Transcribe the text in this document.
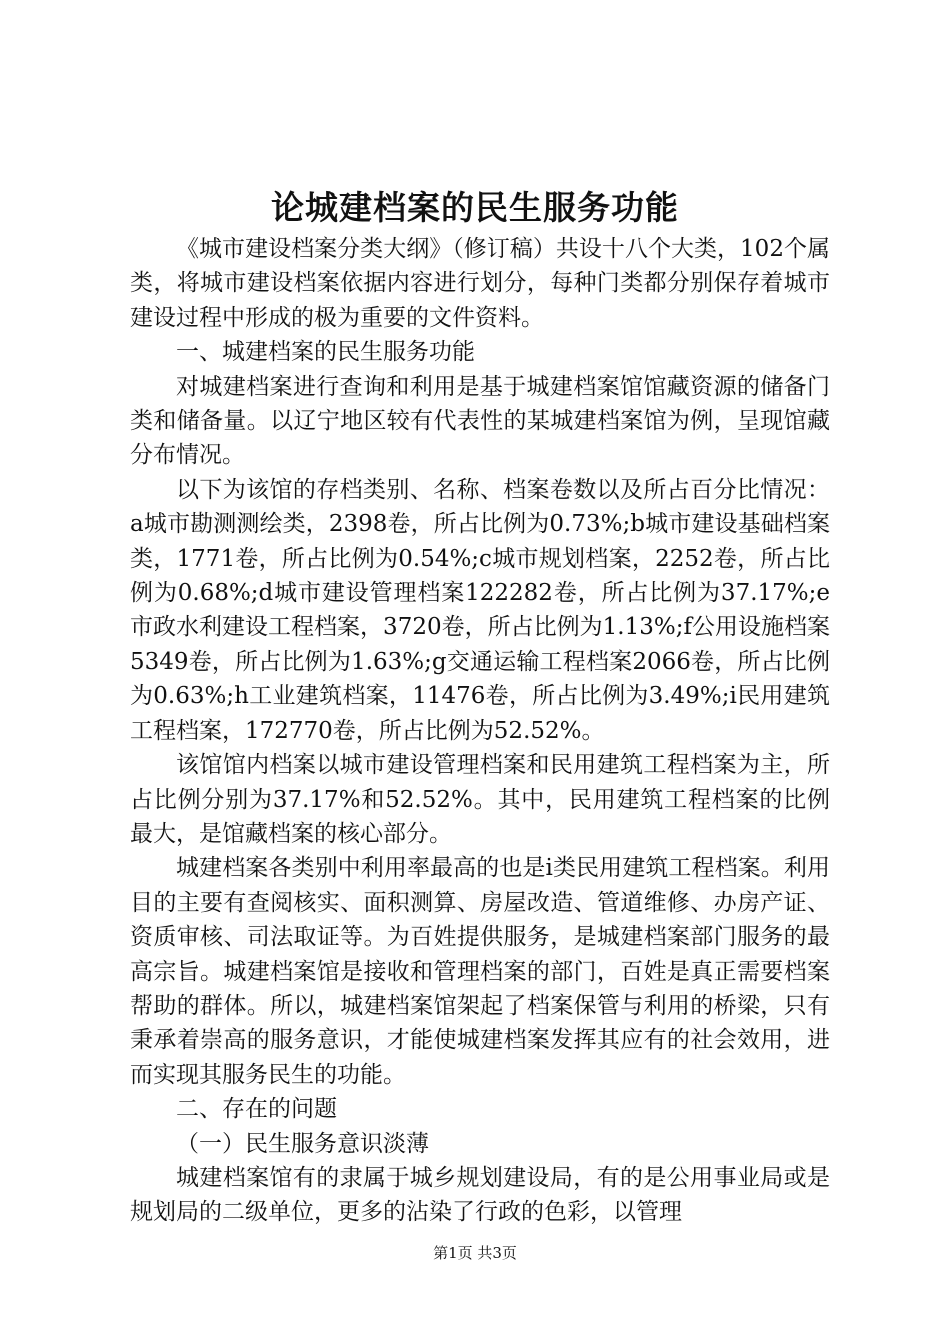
论城建档案的民生服务功能

《城市建设档案分类大纲》（修订稿）共设十八个大类，102个属类，将城市建设档案依据内容进行划分，每种门类都分别保存着城市建设过程中形成的极为重要的文件资料。

一、城建档案的民生服务功能

对城建档案进行查询和利用是基于城建档案馆馆藏资源的储备门类和储备量。以辽宁地区较有代表性的某城建档案馆为例，呈现馆藏分布情况。

以下为该馆的存档类别、名称、档案卷数以及所占百分比情况：a城市勘测测绘类，2398卷，所占比例为0.73%;b城市建设基础档案类，1771卷，所占比例为0.54%;c城市规划档案，2252卷，所占比例为0.68%;d城市建设管理档案122282卷，所占比例为37.17%;e市政水利建设工程档案，3720卷，所占比例为1.13%;f公用设施档案5349卷，所占比例为1.63%;g交通运输工程档案2066卷，所占比例为0.63%;h工业建筑档案，11476卷，所占比例为3.49%;i民用建筑工程档案，172770卷，所占比例为52.52%。

该馆馆内档案以城市建设管理档案和民用建筑工程档案为主，所占比例分别为37.17%和52.52%。其中，民用建筑工程档案的比例最大，是馆藏档案的核心部分。

城建档案各类别中利用率最高的也是i类民用建筑工程档案。利用目的主要有查阅核实、面积测算、房屋改造、管道维修、办房产证、资质审核、司法取证等。为百姓提供服务，是城建档案部门服务的最高宗旨。城建档案馆是接收和管理档案的部门，百姓是真正需要档案帮助的群体。所以，城建档案馆架起了档案保管与利用的桥梁，只有秉承着崇高的服务意识，才能使城建档案发挥其应有的社会效用，进而实现其服务民生的功能。

二、存在的问题

（一）民生服务意识淡薄

城建档案馆有的隶属于城乡规划建设局，有的是公用事业局或是规划局的二级单位，更多的沾染了行政的色彩，以管理

第1页 共3页
